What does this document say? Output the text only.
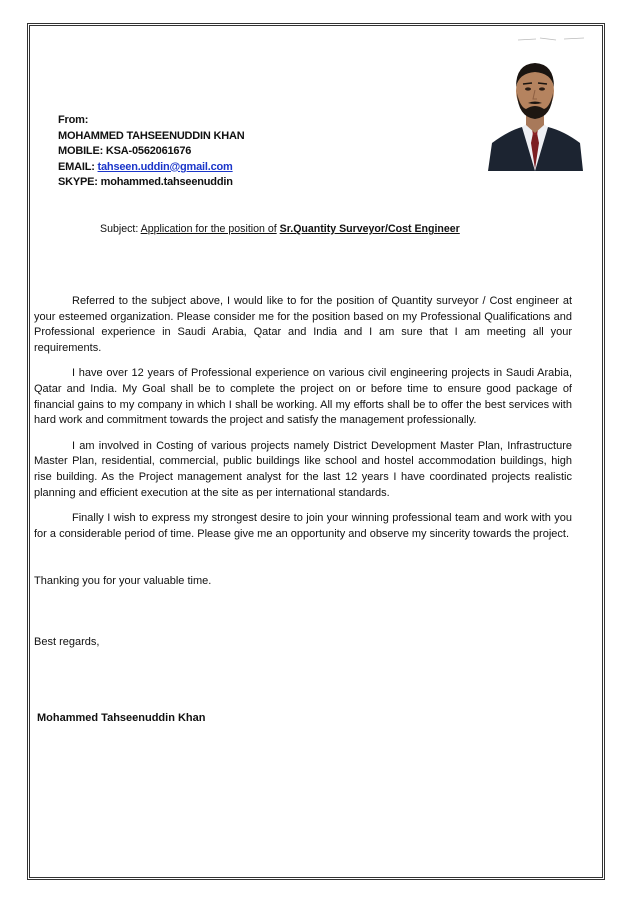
From:
MOHAMMED TAHSEENUDDIN KHAN
MOBILE: KSA-0562061676
EMAIL: tahseen.uddin@gmail.com
SKYPE: mohammed.tahseenuddin
Subject: Application for the position of Sr.Quantity Surveyor/Cost Engineer

Referred to the subject above, I would like to for the position of Quantity surveyor / Cost engineer at your esteemed organization. Please consider me for the position based on my Professional Qualifications and Professional experience in Saudi Arabia, Qatar and India and I am sure that I am meeting all your requirements.

I have over 12 years of Professional experience on various civil engineering projects in Saudi Arabia, Qatar and India. My Goal shall be to complete the project on or before time to ensure good package of financial gains to my company in which I shall be working. All my efforts shall be to offer the best services with hard work and commitment towards the project and satisfy the management professionally.

I am involved in Costing of various projects namely District Development Master Plan, Infrastructure Master Plan, residential, commercial, public buildings like school and hostel accommodation buildings, high rise building. As the Project management analyst for the last 12 years I have coordinated projects realistic planning and efficient execution at the site as per international standards.

Finally I wish to express my strongest desire to join your winning professional team and work with you for a considerable period of time. Please give me an opportunity and observe my sincerity towards the project.

Thanking you for your valuable time.
Best regards,
Mohammed Tahseenuddin Khan
